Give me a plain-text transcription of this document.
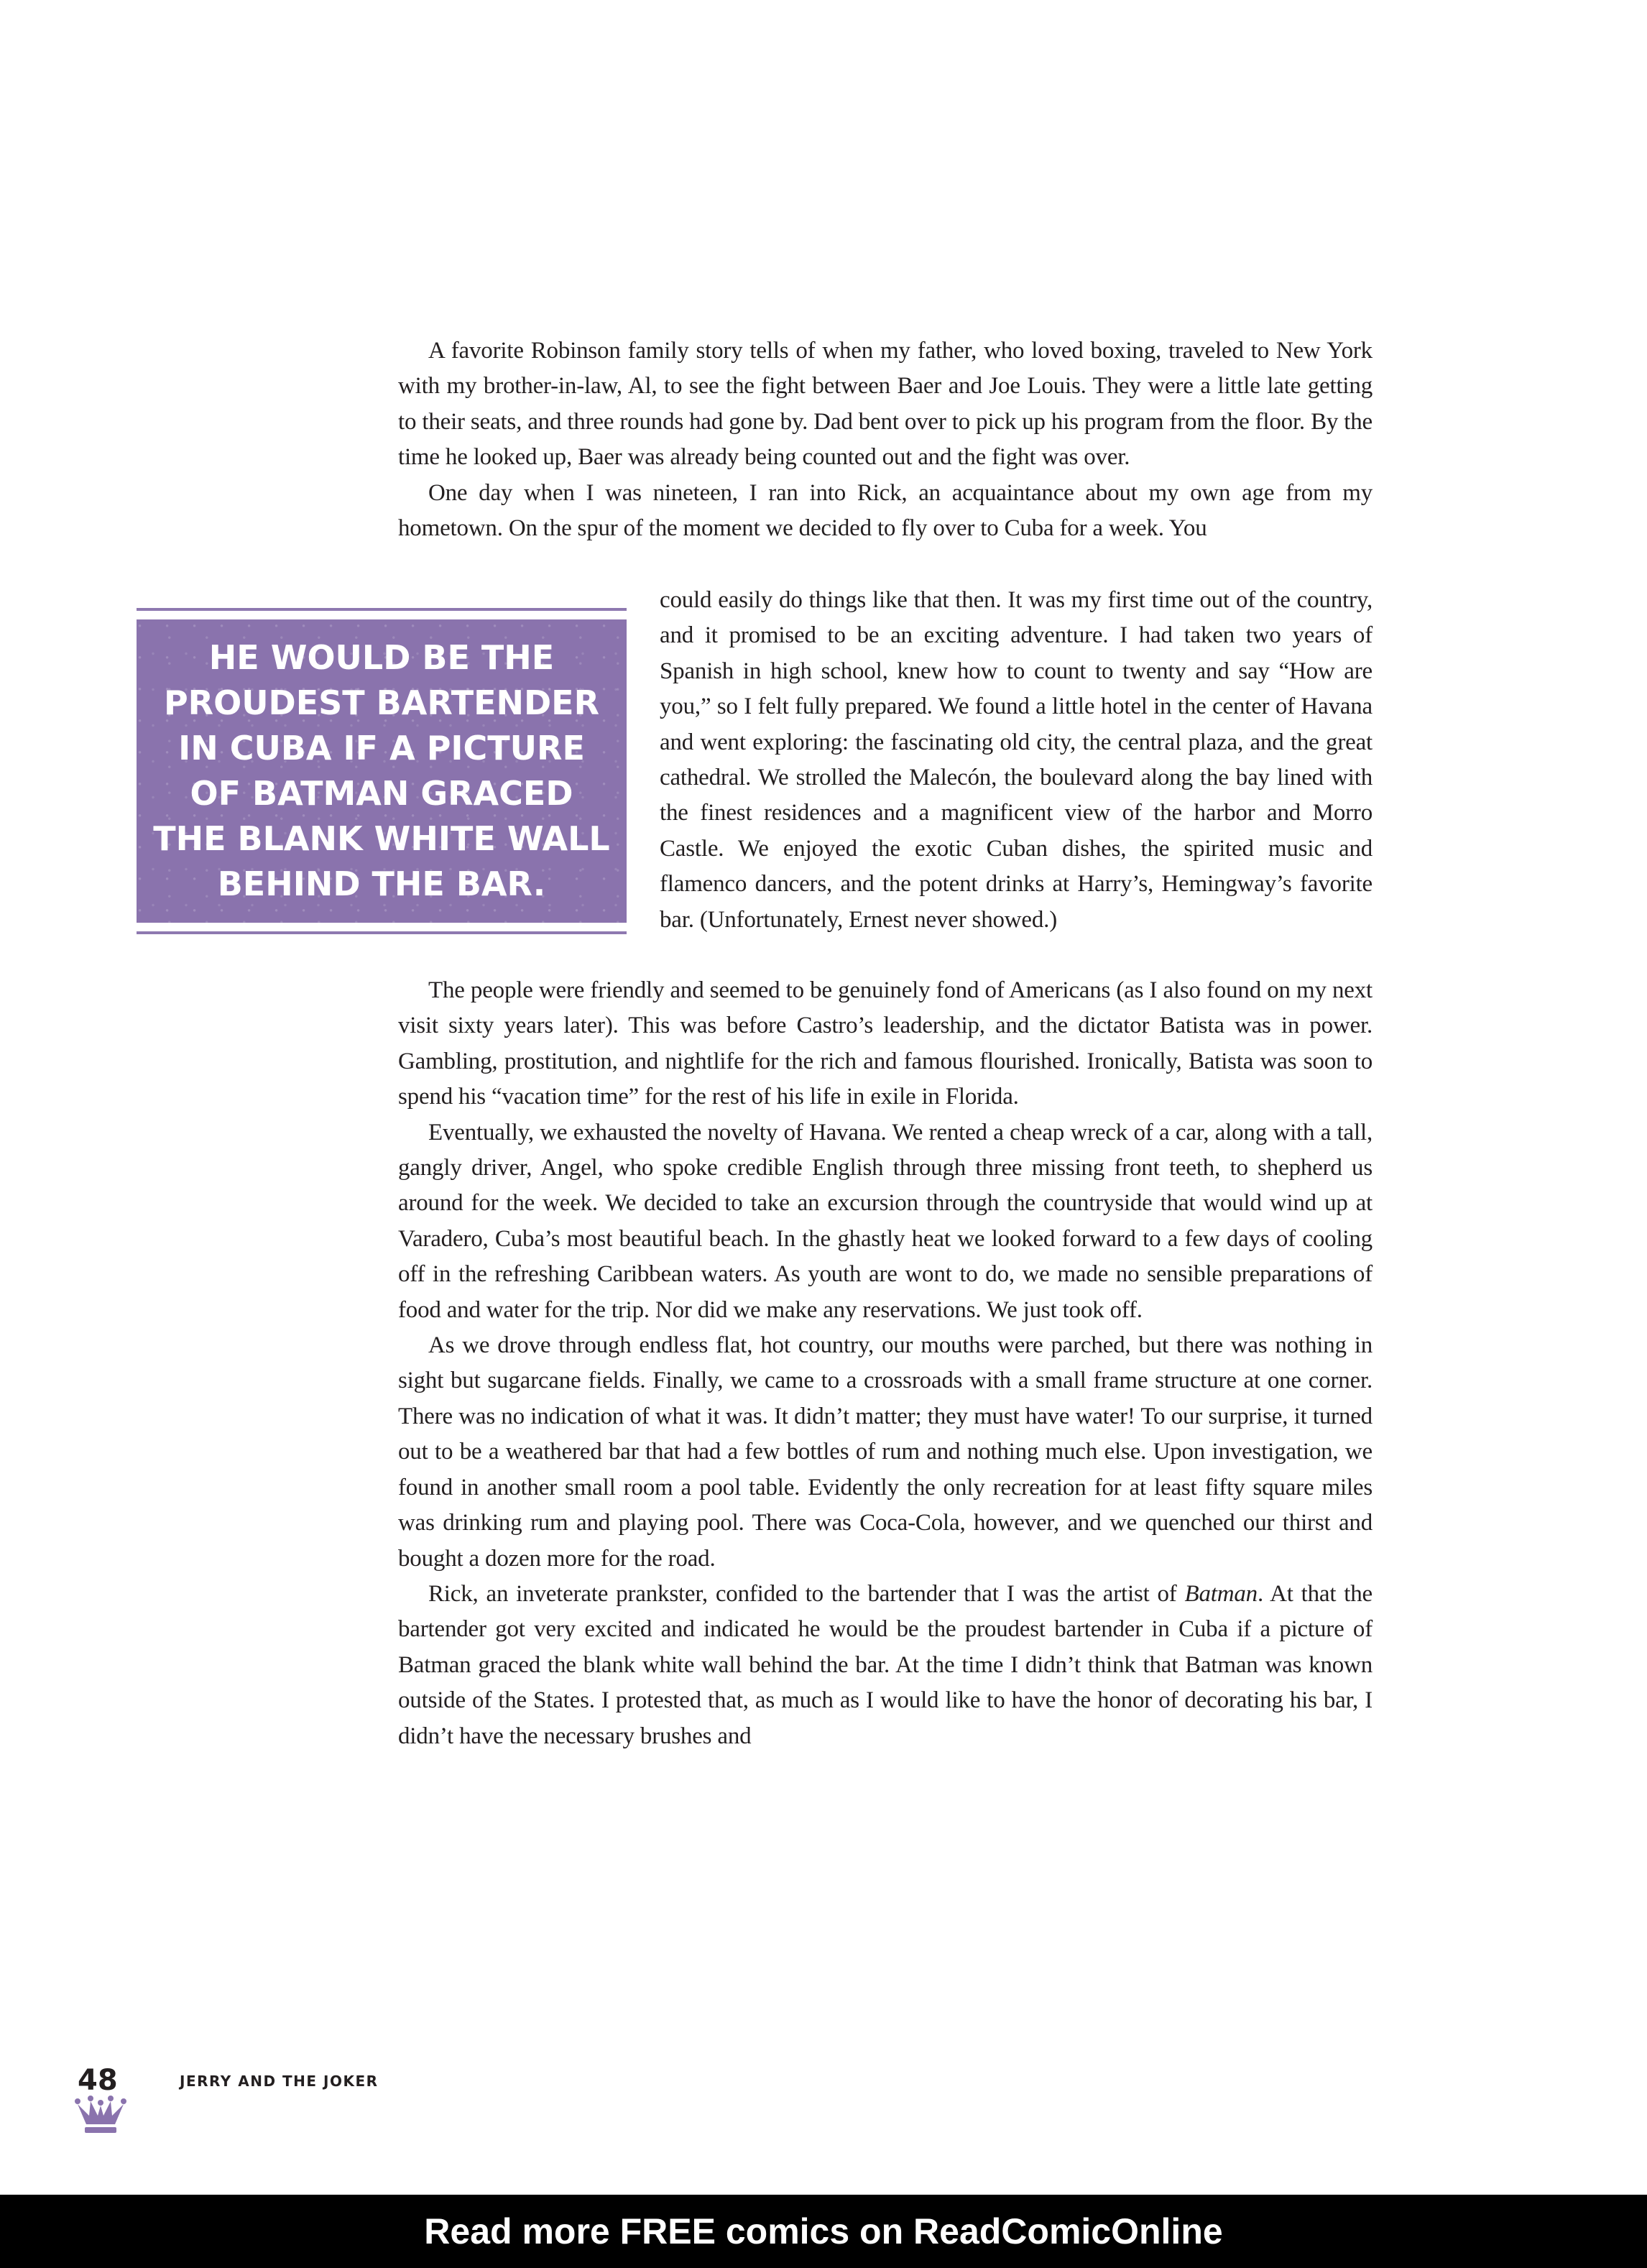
A favorite Robinson family story tells of when my father, who loved boxing, traveled to New York with my brother-in-law, Al, to see the fight between Baer and Joe Louis. They were a little late getting to their seats, and three rounds had gone by. Dad bent over to pick up his program from the floor. By the time he looked up, Baer was already being counted out and the fight was over.

One day when I was nineteen, I ran into Rick, an acquaintance about my own age from my hometown. On the spur of the moment we decided to fly over to Cuba for a week. You

HE WOULD BE THE PROUDEST BARTENDER IN CUBA IF A PICTURE OF BATMAN GRACED THE BLANK WHITE WALL BEHIND THE BAR.

could easily do things like that then. It was my first time out of the country, and it promised to be an exciting adventure. I had taken two years of Spanish in high school, knew how to count to twenty and say “How are you,” so I felt fully prepared. We found a little hotel in the center of Havana and went exploring: the fascinating old city, the central plaza, and the great cathedral. We strolled the Malecón, the boulevard along the bay lined with the finest residences and a magnificent view of the harbor and Morro Castle. We enjoyed the exotic Cuban dishes, the spirited music and flamenco dancers, and the potent drinks at Harry’s, Hemingway’s favorite bar. (Unfortunately, Ernest never showed.)

The people were friendly and seemed to be genuinely fond of Americans (as I also found on my next visit sixty years later). This was before Castro’s leadership, and the dictator Batista was in power. Gambling, prostitution, and nightlife for the rich and famous flourished. Ironically, Batista was soon to spend his “vacation time” for the rest of his life in exile in Florida.

Eventually, we exhausted the novelty of Havana. We rented a cheap wreck of a car, along with a tall, gangly driver, Angel, who spoke credible English through three missing front teeth, to shepherd us around for the week. We decided to take an excursion through the countryside that would wind up at Varadero, Cuba’s most beautiful beach. In the ghastly heat we looked forward to a few days of cooling off in the refreshing Caribbean waters. As youth are wont to do, we made no sensible preparations of food and water for the trip. Nor did we make any reservations. We just took off.

As we drove through endless flat, hot country, our mouths were parched, but there was nothing in sight but sugarcane fields. Finally, we came to a crossroads with a small frame structure at one corner. There was no indication of what it was. It didn’t matter; they must have water! To our surprise, it turned out to be a weathered bar that had a few bottles of rum and nothing much else. Upon investigation, we found in another small room a pool table. Evidently the only recreation for at least fifty square miles was drinking rum and playing pool. There was Coca-Cola, however, and we quenched our thirst and bought a dozen more for the road.

Rick, an inveterate prankster, confided to the bartender that I was the artist of Batman. At that the bartender got very excited and indicated he would be the proudest bartender in Cuba if a picture of Batman graced the blank white wall behind the bar. At the time I didn’t think that Batman was known outside of the States. I protested that, as much as I would like to have the honor of decorating his bar, I didn’t have the necessary brushes and

48	JERRY AND THE JOKER
Read more FREE comics on ReadComicOnline
